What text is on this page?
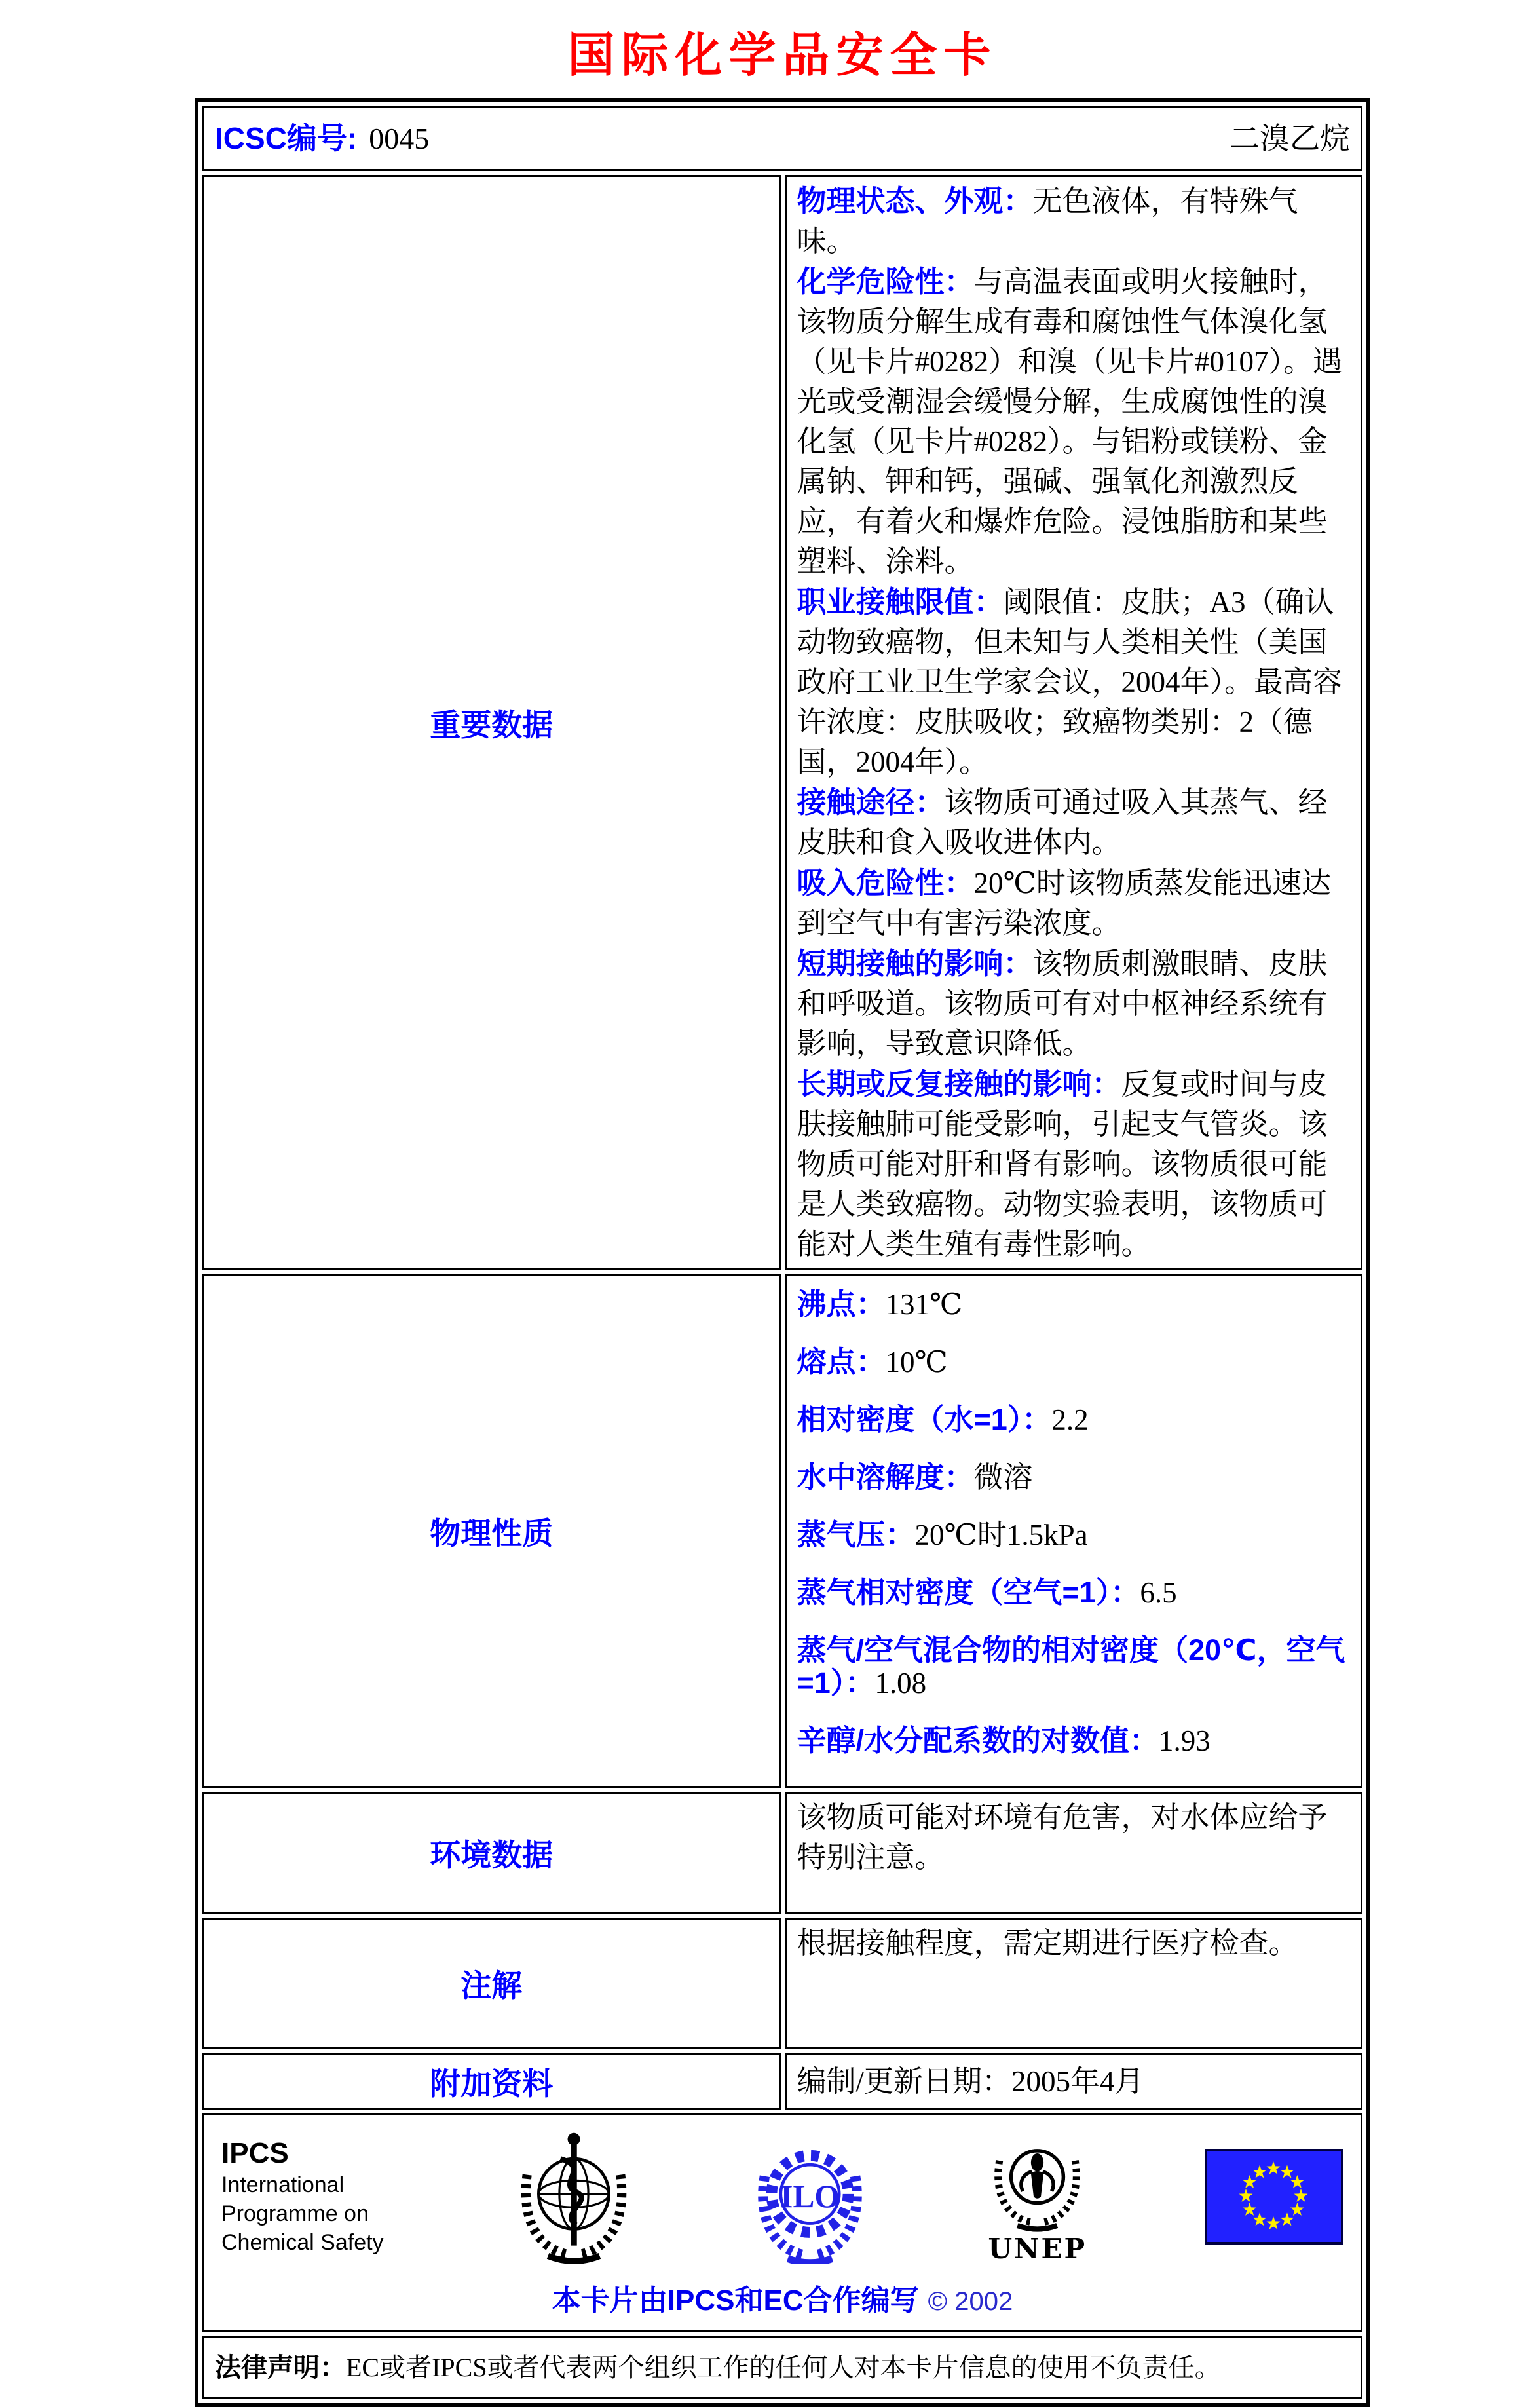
国际化学品安全卡
ICSC编号: 0045 二溴乙烷	

重要数据	
物理状态、外观：无色液体，有特殊气味。
化学危险性：与高温表面或明火接触时，该物质分解生成有毒和腐蚀性气体溴化氢（见卡片#0282）和溴（见卡片#0107）。遇光或受潮湿会缓慢分解，生成腐蚀性的溴化氢（见卡片#0282）。与铝粉或镁粉、金属钠、钾和钙，强碱、强氧化剂激烈反应，有着火和爆炸危险。浸蚀脂肪和某些塑料、涂料。
职业接触限值：阈限值：皮肤；A3（确认动物致癌物，但未知与人类相关性（美国政府工业卫生学家会议，2004年）。最高容许浓度：皮肤吸收；致癌物类别：2（德国，2004年）。
接触途径：该物质可通过吸入其蒸气、经皮肤和食入吸收进体内。
吸入危险性：20℃时该物质蒸发能迅速达到空气中有害污染浓度。
短期接触的影响：该物质刺激眼睛、皮肤和呼吸道。该物质可有对中枢神经系统有影响，导致意识降低。
长期或反复接触的影响：反复或时间与皮肤接触肺可能受影响，引起支气管炎。该物质可能对肝和肾有影响。该物质很可能是人类致癌物。动物实验表明，该物质可能对人类生殖有毒性影响。

物理性质	
沸点：131℃
熔点：10℃
相对密度（水=1）：2.2
水中溶解度：微溶
蒸气压：20℃时1.5kPa
蒸气相对密度（空气=1）：6.5
蒸气/空气混合物的相对密度（20℃，空气=1）：1.08
辛醇/水分配系数的对数值：1.93

环境数据	该物质可能对环境有危害，对水体应给予特别注意。

注解	根据接触程度，需定期进行医疗检查。

附加资料	编制/更新日期：2005年4月

IPCS
International
Programme on
Chemical Safety
ILO
UNEP
本卡片由IPCS和EC合作编写 © 2002

法律声明：EC或者IPCS或者代表两个组织工作的任何人对本卡片信息的使用不负责任。	
